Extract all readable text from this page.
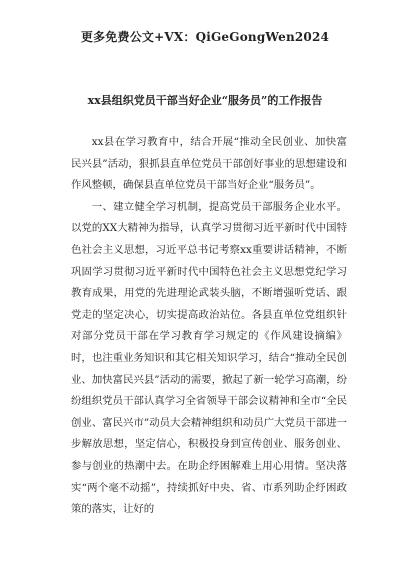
更多免费公文+VX：QiGeGongWen2024
xx县组织党员干部当好企业“服务员”的工作报告

xx县在学习教育中，结合开展“推动全民创业、加快富民兴县”活动，狠抓县直单位党员干部创好事业的思想建设和作风整顿，确保县直单位党员干部当好企业“服务员”。

一、建立健全学习机制，提高党员干部服务企业水平。以党的XX大精神为指导，认真学习贯彻习近平新时代中国特色社会主义思想，习近平总书记考察xx重要讲话精神，不断巩固学习贯彻习近平新时代中国特色社会主义思想党纪学习教育成果，用党的先进理论武装头脑，不断增强听党话、跟党走的坚定决心，切实提高政治站位。各县直单位党组织针对部分党员干部在学习教育学习规定的《作风建设摘编》时，也注重业务知识和其它相关知识学习，结合“推动全民创业、加快富民兴县”活动的需要，掀起了新一轮学习高潮，纷纷组织党员干部认真学习全省领导干部会议精神和全市“全民创业、富民兴市”动员大会精神组织和动员广大党员干部进一步解放思想，坚定信心，积极投身到宣传创业、服务创业、参与创业的热潮中去。在助企纾困解难上用心用情。坚决落实“两个毫不动摇”，持续抓好中央、省、市系列助企纾困政策的落实，让好的
